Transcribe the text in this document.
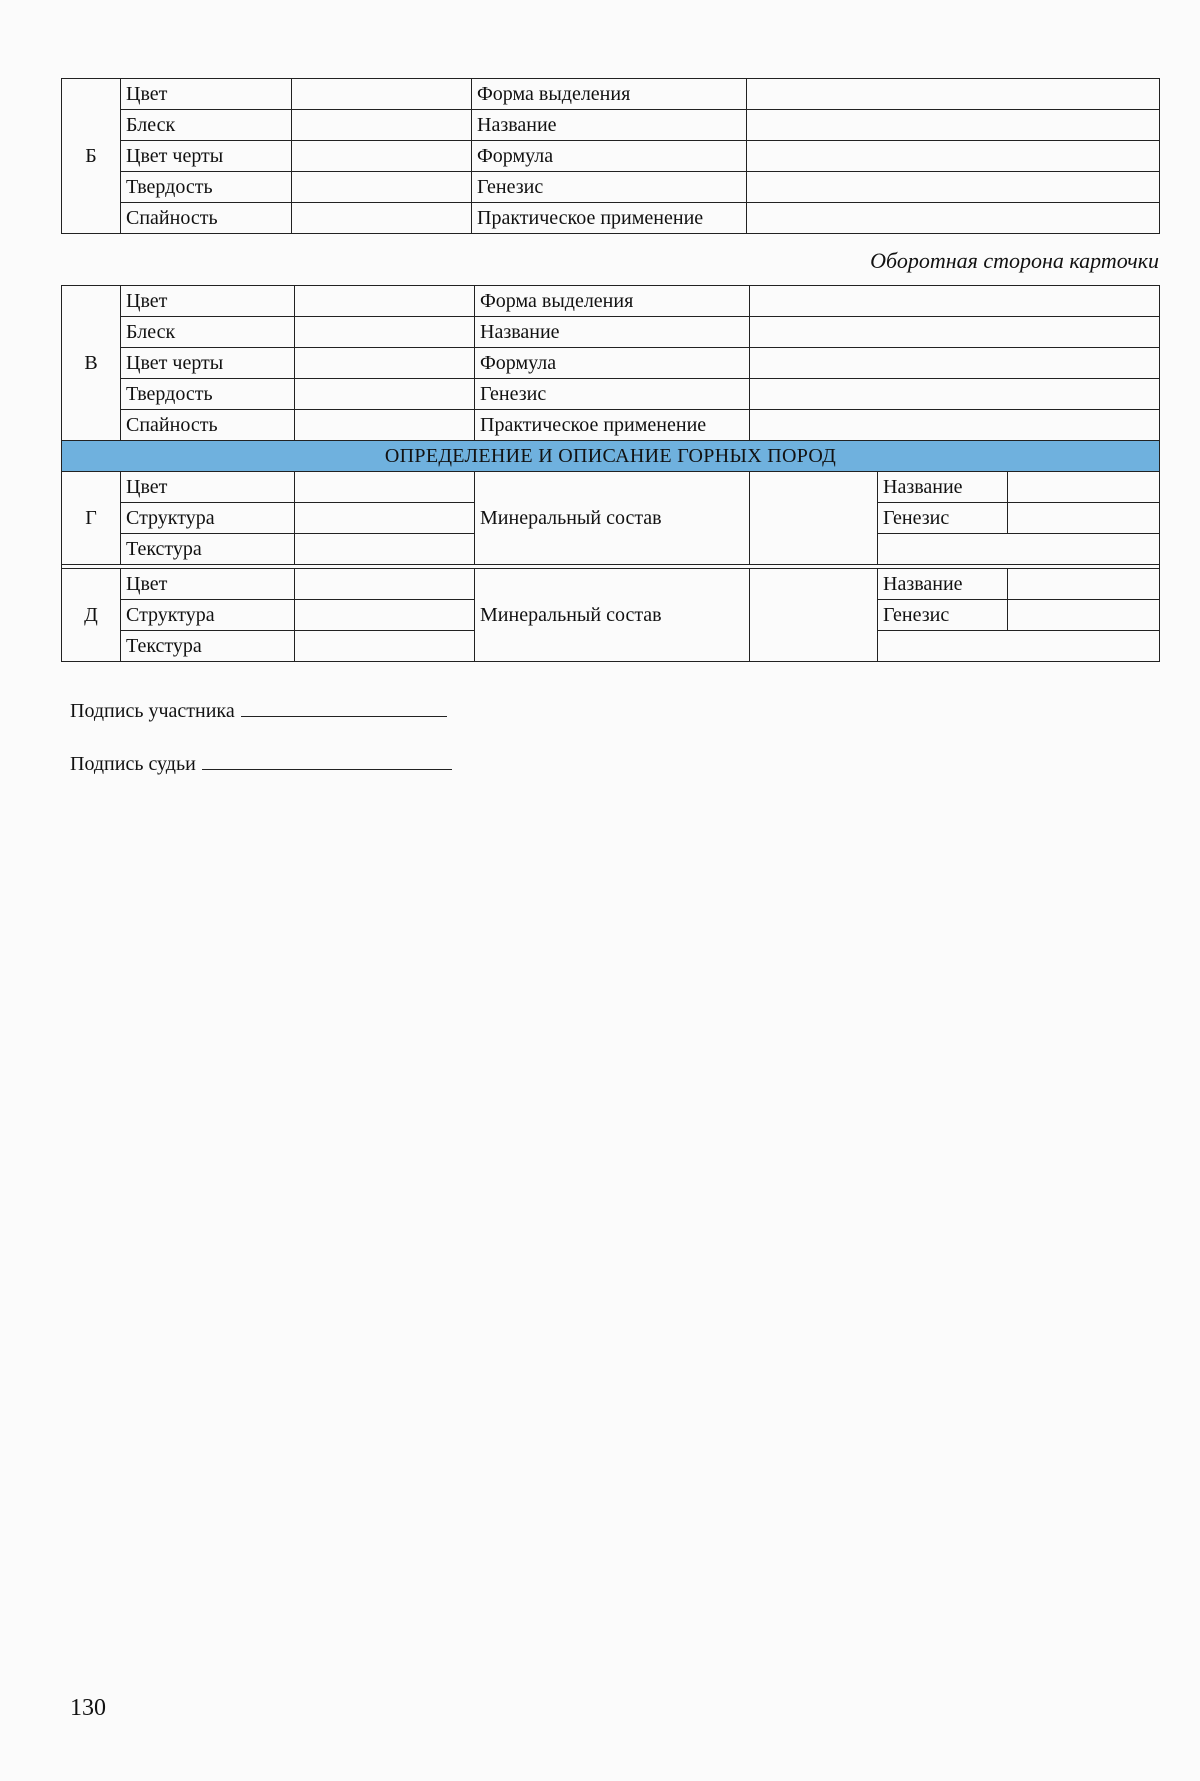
Б	Цвет		Форма выделения	
	Блеск		Название	
	Цвет черты		Формула	
	Твердость		Генезис	
	Спайность		Практическое применение	
Оборотная сторона карточки
В	Цвет		Форма выделения			
	Блеск		Название			
	Цвет черты		Формула			
	Твердость		Генезис			
	Спайность		Практическое применение			
ОПРЕДЕЛЕНИЕ И ОПИСАНИЕ ГОРНЫХ ПОРОД						
Г	Цвет		Минеральный состав		Название	
	Структура				Генезис	
	Текстура					

Д	Цвет		Минеральный состав		Название	
	Структура				Генезис	
	Текстура					
Подпись участника
Подпись судьи
130
